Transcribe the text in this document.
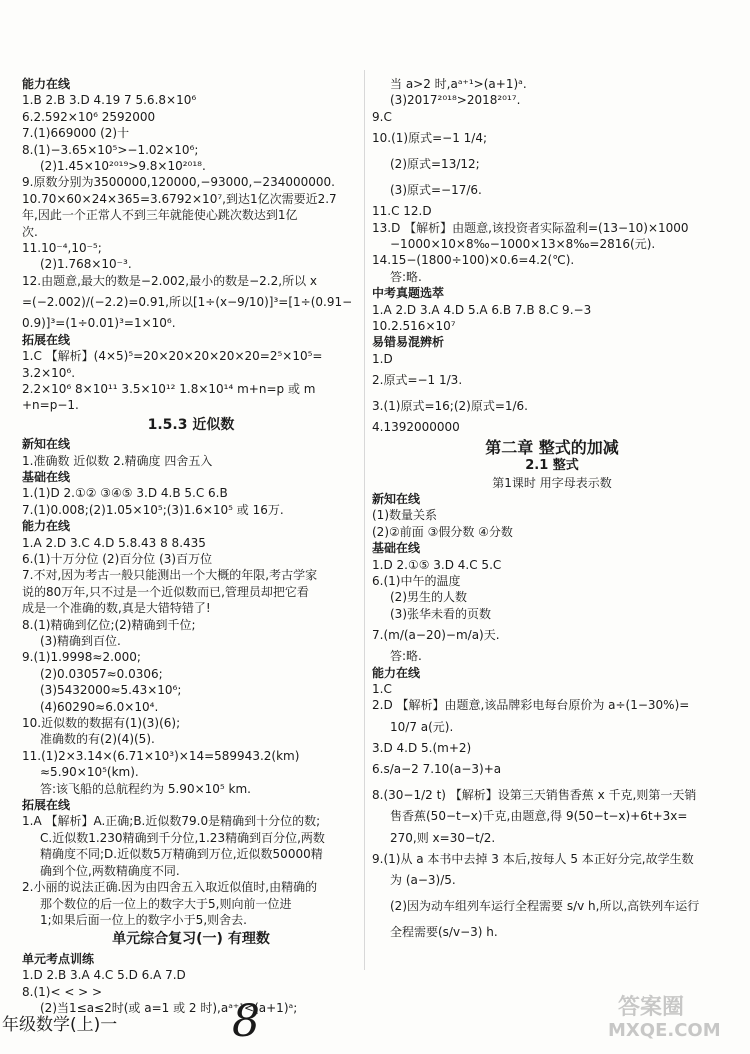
能力在线
1.B 2.B 3.D 4.19 7 5.6.8×10⁶
6.2.592×10⁶ 2592000
7.(1)669000 (2)十
8.(1)−3.65×10⁵>−1.02×10⁶;
(2)1.45×10²⁰¹⁹>9.8×10²⁰¹⁸.
9.原数分别为3500000,120000,−93000,−234000000.
10.70×60×24×365=3.6792×10⁷,到达1亿次需要近2.7
年,因此一个正常人不到三年就能使心跳次数达到1亿
次.
11.10⁻⁴,10⁻⁵;
(2)1.768×10⁻³.
12.由题意,最大的数是−2.002,最小的数是−2.2,所以 x
=(−2.002)/(−2.2)=0.91,所以[1÷(x−9/10)]³=[1÷(0.91−
0.9)]³=(1÷0.01)³=1×10⁶.
拓展在线
1.C 【解析】(4×5)⁵=20×20×20×20×20=2⁵×10⁵=
3.2×10⁶.
2.2×10⁶ 8×10¹¹ 3.5×10¹² 1.8×10¹⁴ m+n=p 或 m
+n=p−1.
1.5.3 近似数
新知在线
1.准确数 近似数 2.精确度 四舍五入
基础在线
1.(1)D 2.①② ③④⑤ 3.D 4.B 5.C 6.B
7.(1)0.008;(2)1.05×10⁵;(3)1.6×10⁵ 或 16万.
能力在线
1.A 2.D 3.C 4.D 5.8.43 8 8.435
6.(1)十万分位 (2)百分位 (3)百万位
7.不对,因为考古一般只能测出一个大概的年限,考古学家
说的80万年,只不过是一个近似数而已,管理员却把它看
成是一个准确的数,真是大错特错了!
8.(1)精确到亿位;(2)精确到千位;
(3)精确到百位.
9.(1)1.9998≈2.000;
(2)0.03057≈0.0306;
(3)5432000≈5.43×10⁶;
(4)60290≈6.0×10⁴.
10.近似数的数据有(1)(3)(6);
准确数的有(2)(4)(5).
11.(1)2×3.14×(6.71×10³)×14=589943.2(km)
≈5.90×10⁵(km).
答:该飞船的总航程约为 5.90×10⁵ km.
拓展在线
1.A 【解析】A.正确;B.近似数79.0是精确到十分位的数;
C.近似数1.230精确到千分位,1.23精确到百分位,两数
精确度不同;D.近似数5万精确到万位,近似数50000精
确到个位,两数精确度不同.
2.小丽的说法正确.因为由四舍五入取近似值时,由精确的
那个数位的后一位上的数字大于5,则向前一位进
1;如果后面一位上的数字小于5,则舍去.
单元综合复习(一) 有理数
单元考点训练
1.D 2.B 3.A 4.C 5.D 6.A 7.D
8.(1)< < > >
(2)当1≤a≤2时(或 a=1 或 2 时),aᵃ⁺¹<(a+1)ᵃ;
当 a>2 时,aᵃ⁺¹>(a+1)ᵃ.
(3)2017²⁰¹⁸>2018²⁰¹⁷.
9.C
10.(1)原式=−1 1/4;
(2)原式=13/12;
(3)原式=−17/6.
11.C 12.D
13.D 【解析】由题意,该投资者实际盈利=(13−10)×1000
−1000×10×8‰−1000×13×8‰=2816(元).
14.15−(1800÷100)×0.6=4.2(℃).
答:略.
中考真题选萃
1.A 2.D 3.A 4.D 5.A 6.B 7.B 8.C 9.−3
10.2.516×10⁷
易错易混辨析
1.D
2.原式=−1 1/3.
3.(1)原式=16;(2)原式=1/6.
4.1392000000
第二章 整式的加减
2.1 整式
第1课时 用字母表示数
新知在线
(1)数量关系
(2)②前面 ③假分数 ④分数
基础在线
1.D 2.①⑤ 3.D 4.C 5.C
6.(1)中午的温度
(2)男生的人数
(3)张华未看的页数
7.(m/(a−20)−m/a)天.
答:略.
能力在线
1.C
2.D 【解析】由题意,该品牌彩电每台原价为 a÷(1−30%)=
10/7 a(元).
3.D 4.D 5.(m+2)
6.s/a−2 7.10(a−3)+a
8.(30−1/2 t) 【解析】设第三天销售香蕉 x 千克,则第一天销
售香蕉(50−t−x)千克,由题意,得 9(50−t−x)+6t+3x=
270,则 x=30−t/2.
9.(1)从 a 本书中去掉 3 本后,按每人 5 本正好分完,故学生数
为 (a−3)/5.
(2)因为动车组列车运行全程需要 s/v h,所以,高铁列车运行
全程需要(s/v−3) h.
年级数学(上)一	8	答案圈
MXQE.COM
